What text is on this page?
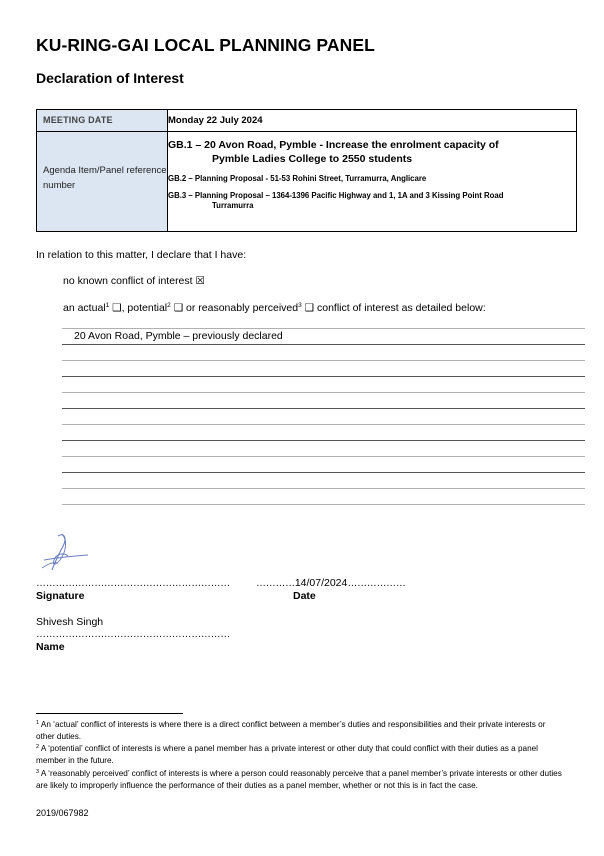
KU-RING-GAI LOCAL PLANNING PANEL
Declaration of Interest
MEETING DATE	Monday 22 July 2024
Agenda Item/Panel reference number	GB.1 – 20 Avon Road, Pymble - Increase the enrolment capacity of
Pymble Ladies College to 2550 students
GB.2 – Planning Proposal - 51-53 Rohini Street, Turramurra, Anglicare
GB.3 – Planning Proposal – 1364-1396 Pacific Highway and 1, 1A and 3 Kissing Point Road
Turramurra
In relation to this matter, I declare that I have:
no known conflict of interest ☒
an actual$^1$ ❑, potential$^2$ ❑ or reasonably perceived$^3$ ❑ conflict of interest as detailed below:
20 Avon Road, Pymble – previously declared
……………………………………………………	…………14/07/2024………………
Signature	Date
Shivesh Singh
……………………………………………………
Name
$^1$ An ‘actual’ conflict of interests is where there is a direct conflict between a member’s duties and responsibilities and their private interests or other duties.
$^2$ A ‘potential’ conflict of interests is where a panel member has a private interest or other duty that could conflict with their duties as a panel member in the future.
$^3$ A ‘reasonably perceived’ conflict of interests is where a person could reasonably perceive that a panel member’s private interests or other duties are likely to improperly influence the performance of their duties as a panel member, whether or not this is in fact the case.
2019/067982
